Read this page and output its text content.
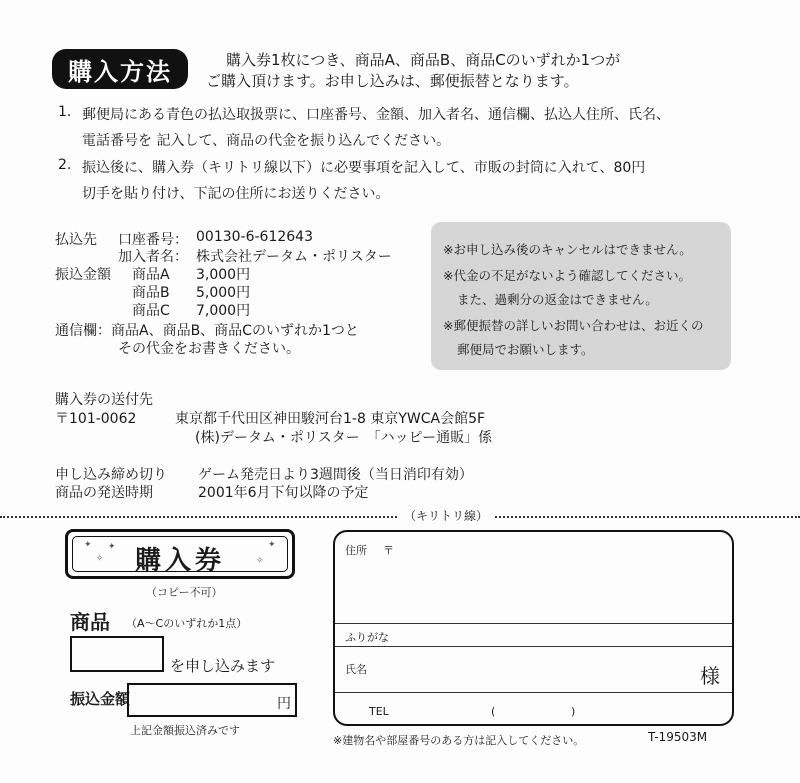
購入方法	購入券1枚につき、商品A、商品B、商品Cのいずれか1つが
ご購入頂けます。お申し込みは、郵便振替となります。
1. 郵便局にある青色の払込取扱票に、口座番号、金額、加入者名、通信欄、払込人住所、氏名、
電話番号を 記入して、商品の代金を振り込んでください。
2. 振込後に、購入券（キリトリ線以下）に必要事項を記入して、市販の封筒に入れて、80円
切手を貼り付け、下記の住所にお送りください。
払込先 口座番号： 00130-6-612643
加入者名： 株式会社データム・ポリスター
振込金額 商品A 3,000円
商品B 5,000円
商品C 7,000円
通信欄：商品A、商品B、商品Cのいずれか1つと
その代金をお書きください。
※お申し込み後のキャンセルはできません。
※代金の不足がないよう確認してください。
また、過剰分の返金はできません。
※郵便振替の詳しいお問い合わせは、お近くの
郵便局でお願いします。
購入券の送付先
〒101-0062	東京都千代田区神田駿河台1-8 東京YWCA会館5F
(株)データム・ポリスター　「ハッピー通販」係
申し込み締め切り ゲーム発売日より3週間後（当日消印有効）
商品の発送時期	2001年6月下旬以降の予定
（キリトリ線）
✦
✧
✦
✧
✦
購入券
（コピー不可）
商品 （A～Cのいずれか1点）
を申し込みます
振込金額	円
上記金額振込済みです
住所 〒
ふりがな
氏名	様
TEL	(	)
※建物名や部屋番号のある方は記入してください。	T-19503M
